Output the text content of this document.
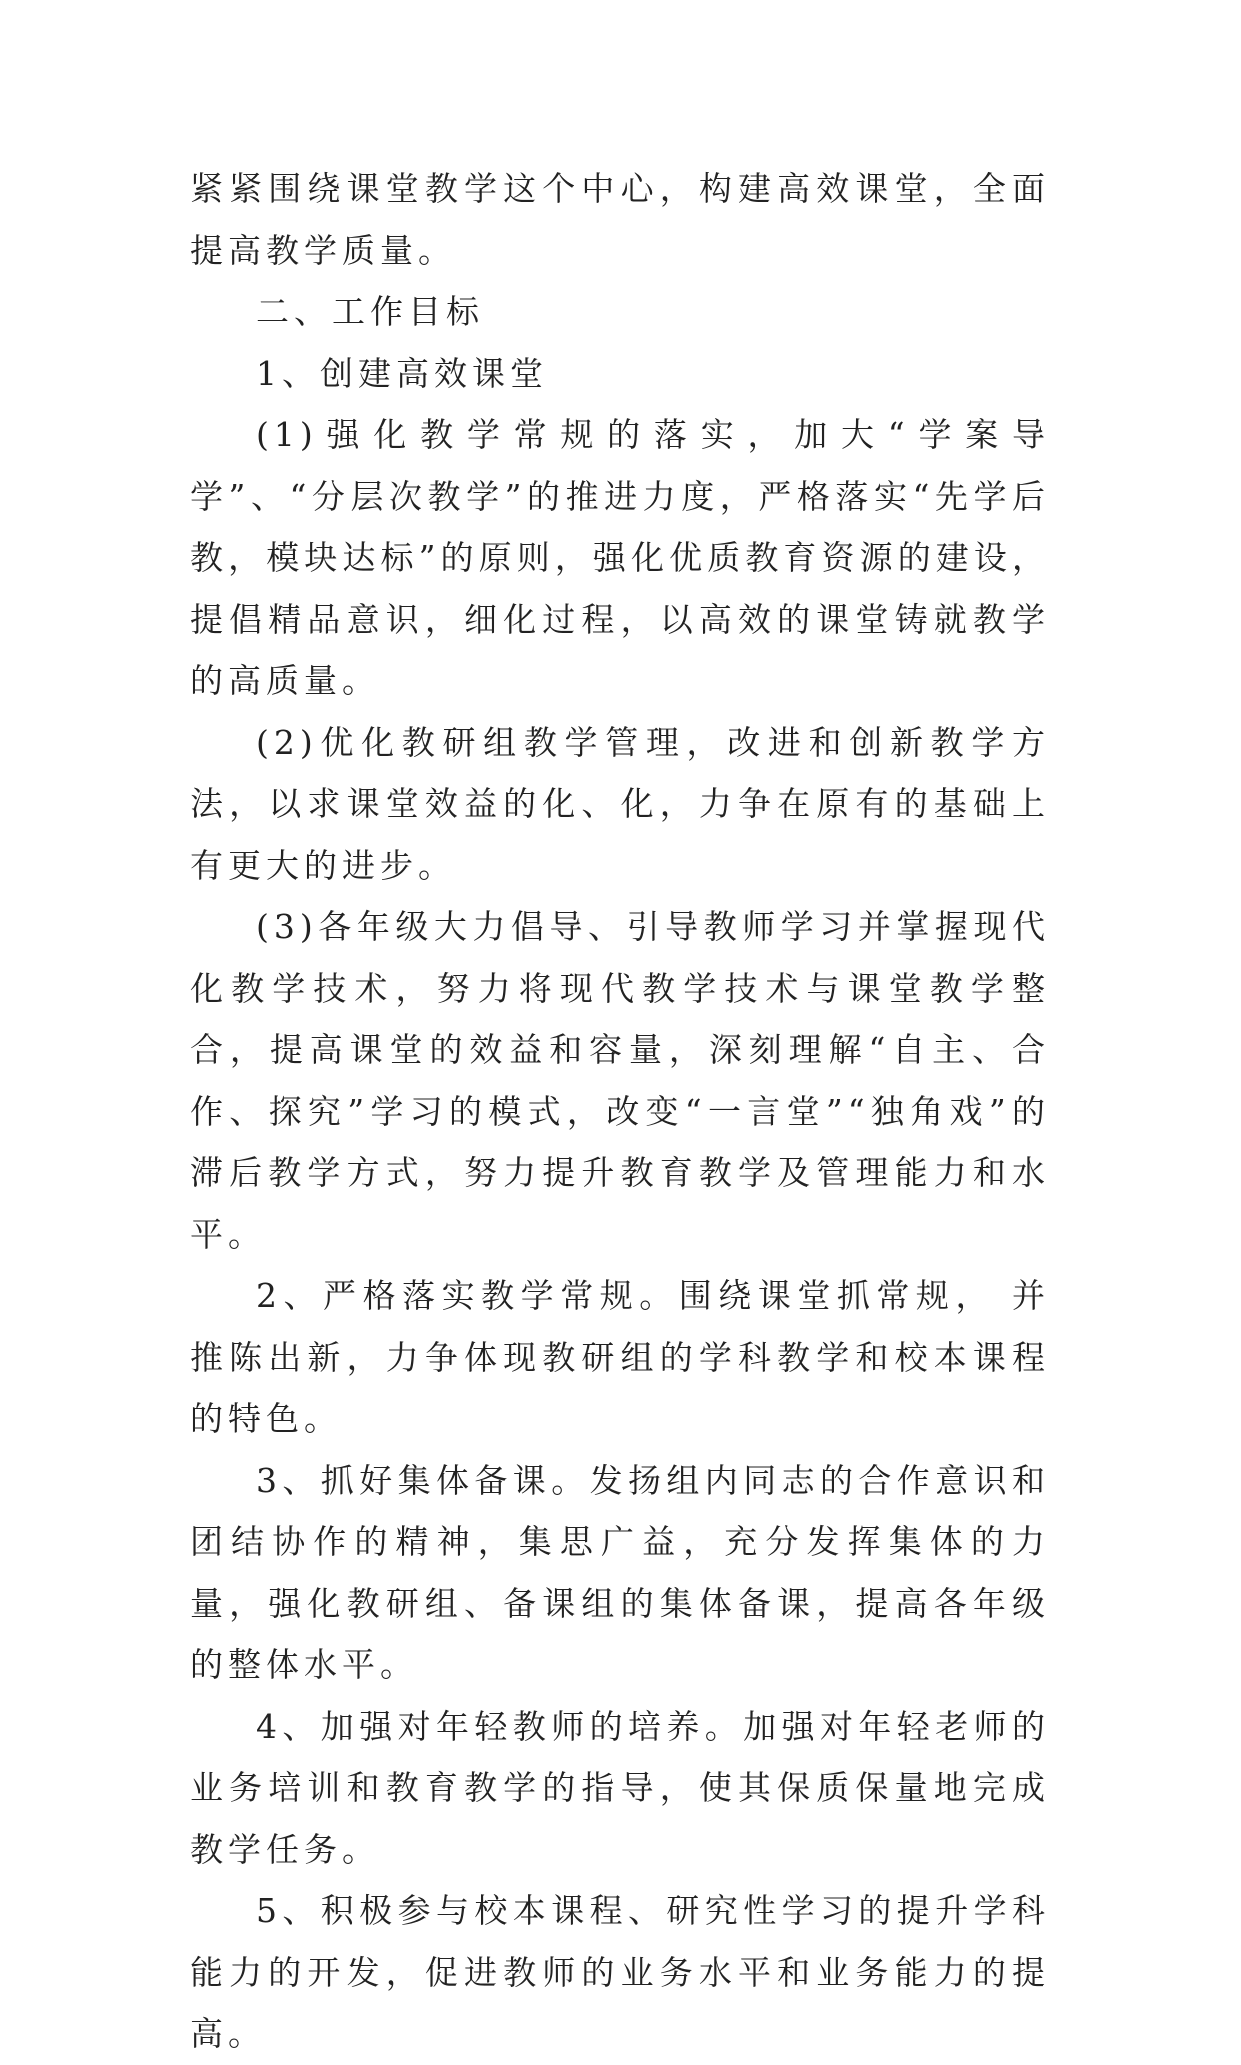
紧紧围绕课堂教学这个中心，构建高效课堂，全面提高教学质量。

二、工作目标

1、创建高效课堂

(1)强化教学常规的落实，加大“学案导学”、“分层次教学”的推进力度，严格落实“先学后教，模块达标”的原则，强化优质教育资源的建设，提倡精品意识，细化过程，以高效的课堂铸就教学的高质量。

(2)优化教研组教学管理，改进和创新教学方法，以求课堂效益的化、化，力争在原有的基础上有更大的进步。

(3)各年级大力倡导、引导教师学习并掌握现代化教学技术，努力将现代教学技术与课堂教学整合，提高课堂的效益和容量，深刻理解“自主、合作、探究”学习的模式，改变“一言堂”“独角戏”的滞后教学方式，努力提升教育教学及管理能力和水平。

2、严格落实教学常规。围绕课堂抓常规， 并推陈出新，力争体现教研组的学科教学和校本课程的特色。

3、抓好集体备课。发扬组内同志的合作意识和团结协作的精神，集思广益，充分发挥集体的力量，强化教研组、备课组的集体备课，提高各年级的整体水平。

4、加强对年轻教师的培养。加强对年轻老师的业务培训和教育教学的指导，使其保质保量地完成教学任务。

5、积极参与校本课程、研究性学习的提升学科能力的开发，促进教师的业务水平和业务能力的提高。
